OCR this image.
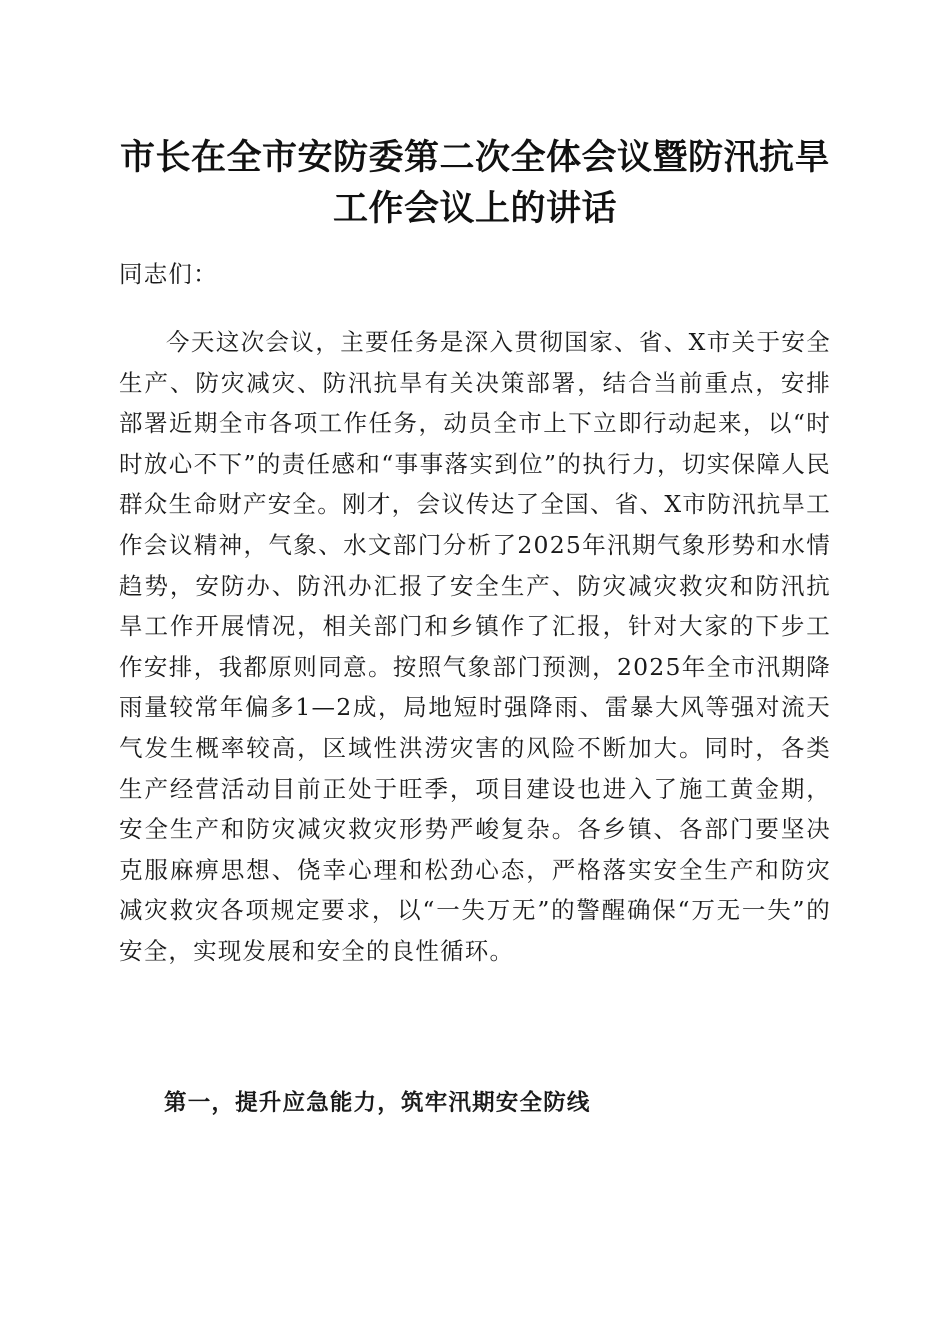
市长在全市安防委第二次全体会议暨防汛抗旱
工作会议上的讲话

同志们：

今天这次会议，主要任务是深入贯彻国家、省、X市关于安全生产、防灾减灾、防汛抗旱有关决策部署，结合当前重点，安排部署近期全市各项工作任务，动员全市上下立即行动起来，以“时时放心不下”的责任感和“事事落实到位”的执行力，切实保障人民群众生命财产安全。刚才，会议传达了全国、省、X市防汛抗旱工作会议精神，气象、水文部门分析了2025年汛期气象形势和水情趋势，安防办、防汛办汇报了安全生产、防灾减灾救灾和防汛抗旱工作开展情况，相关部门和乡镇作了汇报，针对大家的下步工作安排，我都原则同意。按照气象部门预测，2025年全市汛期降雨量较常年偏多1—2成，局地短时强降雨、雷暴大风等强对流天气发生概率较高，区域性洪涝灾害的风险不断加大。同时，各类生产经营活动目前正处于旺季，项目建设也进入了施工黄金期，安全生产和防灾减灾救灾形势严峻复杂。各乡镇、各部门要坚决克服麻痹思想、侥幸心理和松劲心态，严格落实安全生产和防灾减灾救灾各项规定要求，以“一失万无”的警醒确保“万无一失”的安全，实现发展和安全的良性循环。

第一，提升应急能力，筑牢汛期安全防线
